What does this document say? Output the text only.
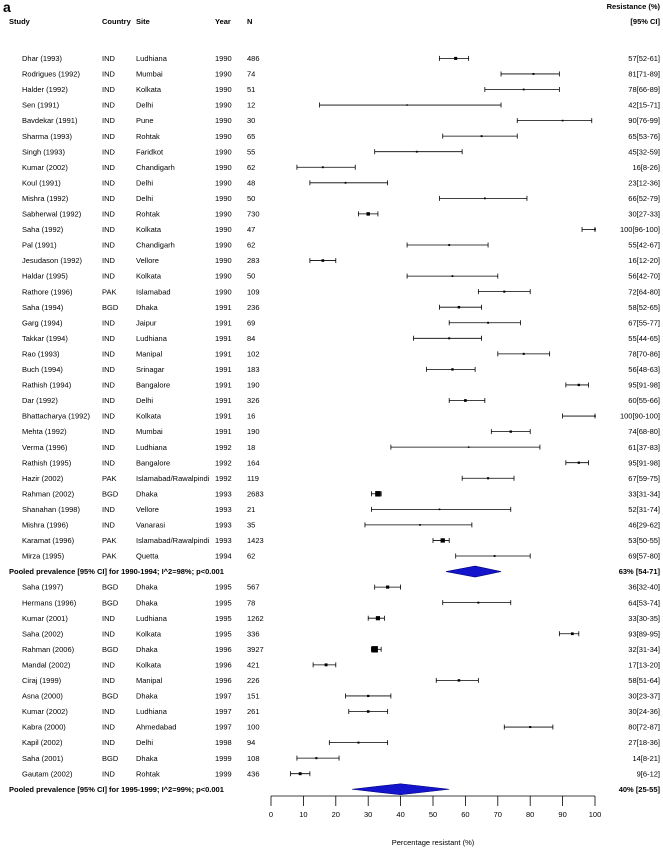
a	Resistance (%)
Study	Country Site	Year N	[95% CI]
Dhar (1993)	IND	Ludhiana	1990 486	57[52-61]
Rodrigues (1992)	IND	Mumbai	1990 74	81[71-89]
Halder (1992)	IND	Kolkata	1990 51	78[66-89]
Sen (1991)	IND	Delhi	1990 12	42[15-71]
Bavdekar (1991)	IND	Pune	1990 30	90[76-99]
Sharma (1993)	IND	Rohtak	1990 65	65[53-76]
Singh (1993)	IND	Faridkot	1990 55	45[32-59]
Kumar (2002)	IND	Chandigarh	1990 62	16[8-26]
Koul (1991)	IND	Delhi	1990 48	23[12-36]
Mishra (1992)	IND	Delhi	1990 50	66[52-79]
Sabherwal (1992)	IND	Rohtak	1990 730	30[27-33]
Saha (1992)	IND	Kolkata	1990 47	100[96-100]
Pal (1991)	IND	Chandigarh	1990 62	55[42-67]
Jesudason (1992)	IND	Vellore	1990 283	16[12-20]
Haldar (1995)	IND	Kolkata	1990 50	56[42-70]
Rathore (1996)	PAK	Islamabad	1990 109	72[64-80]
Saha (1994)	BGD Dhaka	1991 236	58[52-65]
Garg (1994)	IND	Jaipur	1991 69	67[55-77]
Takkar (1994)	IND	Ludhiana	1991 84	55[44-65]
Rao (1993)	IND	Manipal	1991 102	78[70-86]
Buch (1994)	IND	Srinagar	1991 183	56[48-63]
Rathish (1994)	IND	Bangalore	1991 190	95[91-98]
Dar (1992)	IND	Delhi	1991 326	60[55-66]
Bhattacharya (1992) IND	Kolkata	1991 16	100[90-100]
Mehta (1992)	IND	Mumbai	1991 190	74[68-80]
Verma (1996)	IND	Ludhiana	1992 18	61[37-83]
Rathish (1995)	IND	Bangalore	1992 164	95[91-98]
Hazir (2002)	PAK	Islamabad/Rawalpindi 1992 119	67[59-75]
Rahman (2002)	BGD Dhaka	1993 2683	33[31-34]
Shanahan (1998)	IND	Vellore	1993 21	52[31-74]
Mishra (1996)	IND	Vanarasi	1993 35	46[29-62]
Karamat (1996)	PAK	Islamabad/Rawalpindi 1993 1423	53[50-55]
Mirza (1995)	PAK	Quetta	1994 62	69[57-80]
Pooled prevalence [95% CI] for 1990-1994; I^2=98%; p<0.001	63% [54-71]
Saha (1997)	BGD Dhaka	1995 567	36[32-40]
Hermans (1996)	BGD Dhaka	1995 78	64[53-74]
Kumar (2001)	IND	Ludhiana	1995 1262	33[30-35]
Saha (2002)	IND	Kolkata	1995 336	93[89-95]
Rahman (2006)	BGD Dhaka	1996 3927	32[31-34]
Mandal (2002)	IND	Kolkata	1996 421	17[13-20]
Ciraj (1999)	IND	Manipal	1996 226	58[51-64]
Asna (2000)	BGD Dhaka	1997 151	30[23-37]
Kumar (2002)	IND	Ludhiana	1997 261	30[24-36]
Kabra (2000)	IND	Ahmedabad	1997 100	80[72-87]
Kapil (2002)	IND	Delhi	1998 94	27[18-36]
Saha (2001)	BGD Dhaka	1999 108	14[8-21]
Gautam (2002)	IND	Rohtak	1999 436	9[6-12]
Pooled prevalence [95% CI] for 1995-1999; I^2=99%; p<0.001	40% [25-55]
0	10	20	30	40	50	60	70	80	90	100
Percentage resistant (%)
